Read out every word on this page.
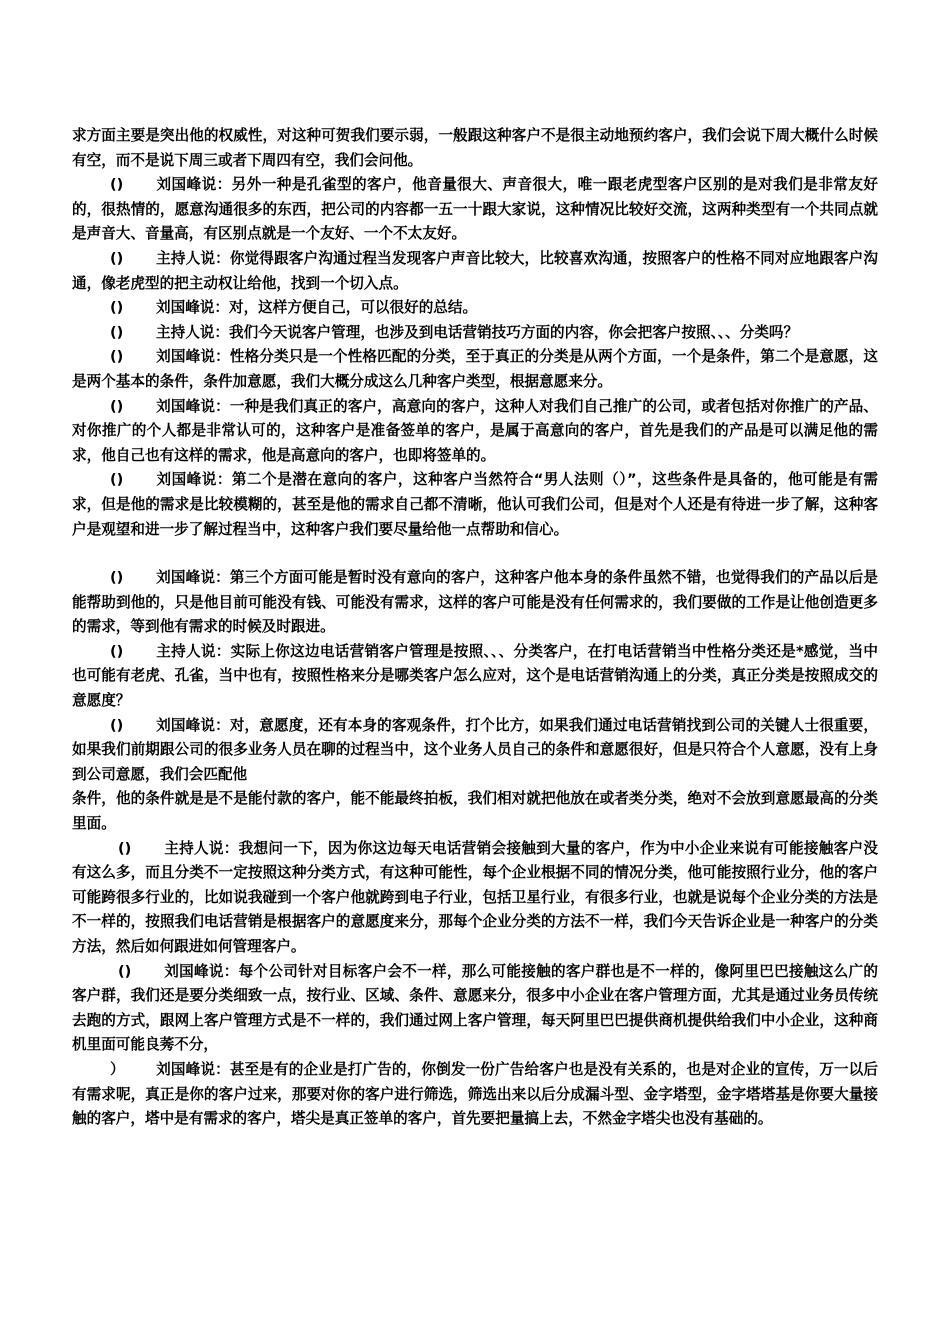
求方面主要是突出他的权威性，对这种可贺我们要示弱，一般跟这种客户不是很主动地预约客户，我们会说下周大概什么时候有空，而不是说下周三或者下周四有空，我们会问他。

() 刘国峰说：另外一种是孔雀型的客户，他音量很大、声音很大，唯一跟老虎型客户区别的是对我们是非常友好的，很热情的，愿意沟通很多的东西，把公司的内容都一五一十跟大家说，这种情况比较好交流，这两种类型有一个共同点就是声音大、音量高，有区别点就是一个友好、一个不太友好。

() 主持人说：你觉得跟客户沟通过程当发现客户声音比较大，比较喜欢沟通，按照客户的性格不同对应地跟客户沟通，像老虎型的把主动权让给他，找到一个切入点。

() 刘国峰说：对，这样方便自己，可以很好的总结。

() 主持人说：我们今天说客户管理，也涉及到电话营销技巧方面的内容，你会把客户按照、、、分类吗？

() 刘国峰说：性格分类只是一个性格匹配的分类，至于真正的分类是从两个方面，一个是条件，第二个是意愿，这是两个基本的条件，条件加意愿，我们大概分成这么几种客户类型，根据意愿来分。

() 刘国峰说：一种是我们真正的客户，高意向的客户，这种人对我们自己推广的公司，或者包括对你推广的产品、对你推广的个人都是非常认可的，这种客户是准备签单的客户，是属于高意向的客户，首先是我们的产品是可以满足他的需求，他自己也有这样的需求，他是高意向的客户，也即将签单的。

() 刘国峰说：第二个是潜在意向的客户，这种客户当然符合“男人法则（）”，这些条件是具备的，他可能是有需求，但是他的需求是比较模糊的，甚至是他的需求自己都不清晰，他认可我们公司，但是对个人还是有待进一步了解，这种客户是观望和进一步了解过程当中，这种客户我们要尽量给他一点帮助和信心。

() 刘国峰说：第三个方面可能是暂时没有意向的客户，这种客户他本身的条件虽然不错，也觉得我们的产品以后是能帮助到他的，只是他目前可能没有钱、可能没有需求，这样的客户可能是没有任何需求的，我们要做的工作是让他创造更多的需求，等到他有需求的时候及时跟进。

() 主持人说：实际上你这边电话营销客户管理是按照、、、分类客户，在打电话营销当中性格分类还是*感觉，当中也可能有老虎、孔雀，当中也有，按照性格来分是哪类客户怎么应对，这个是电话营销沟通上的分类，真正分类是按照成交的意愿度？

() 刘国峰说：对，意愿度，还有本身的客观条件，打个比方，如果我们通过电话营销找到公司的关键人士很重要，如果我们前期跟公司的很多业务人员在聊的过程当中，这个业务人员自己的条件和意愿很好，但是只符合个人意愿，没有上身到公司意愿，我们会匹配他

条件，他的条件就是是不是能付款的客户，能不能最终拍板，我们相对就把他放在或者类分类，绝对不会放到意愿最高的分类里面。

() 主持人说：我想问一下，因为你这边每天电话营销会接触到大量的客户，作为中小企业来说有可能接触客户没有这么多，而且分类不一定按照这种分类方式，有这种可能性，每个企业根据不同的情况分类，他可能按照行业分，他的客户可能跨很多行业的，比如说我碰到一个客户他就跨到电子行业，包括卫星行业，有很多行业，也就是说每个企业分类的方法是不一样的，按照我们电话营销是根据客户的意愿度来分，那每个企业分类的方法不一样，我们今天告诉企业是一种客户的分类方法，然后如何跟进如何管理客户。

() 刘国峰说：每个公司针对目标客户会不一样，那么可能接触的客户群也是不一样的，像阿里巴巴接触这么广的客户群，我们还是要分类细致一点，按行业、区域、条件、意愿来分，很多中小企业在客户管理方面，尤其是通过业务员传统去跑的方式，跟网上客户管理方式是不一样的，我们通过网上客户管理，每天阿里巴巴提供商机提供给我们中小企业，这种商机里面可能良莠不分，

） 刘国峰说：甚至是有的企业是打广告的，你倒发一份广告给客户也是没有关系的，也是对企业的宣传，万一以后有需求呢，真正是你的客户过来，那要对你的客户进行筛选，筛选出来以后分成漏斗型、金字塔型，金字塔塔基是你要大量接触的客户，塔中是有需求的客户，塔尖是真正签单的客户，首先要把量搞上去，不然金字塔尖也没有基础的。
